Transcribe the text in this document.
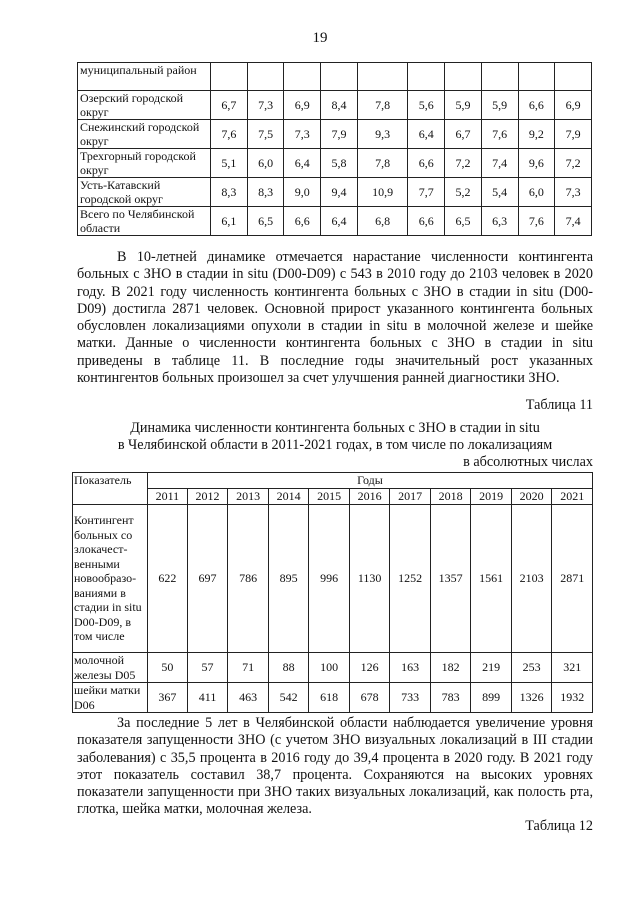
19
муниципальный район										
Озерский городской округ	6,7	7,3	6,9	8,4	7,8	5,6	5,9	5,9	6,6	6,9
Снежинский городской округ	7,6	7,5	7,3	7,9	9,3	6,4	6,7	7,6	9,2	7,9
Трехгорный городской округ	5,1	6,0	6,4	5,8	7,8	6,6	7,2	7,4	9,6	7,2
Усть-Катавский городской округ	8,3	8,3	9,0	9,4	10,9	7,7	5,2	5,4	6,0	7,3
Всего по Челябинской области	6,1	6,5	6,6	6,4	6,8	6,6	6,5	6,3	7,6	7,4
В 10-летней динамике отмечается нарастание численности контингента больных с ЗНО в стадии in situ (D00-D09) с 543 в 2010 году до 2103 человек в 2020 году. В 2021 году численность контингента больных с ЗНО в стадии in situ (D00-D09) достигла 2871 человек. Основной прирост указанного контингента больных обусловлен локализациями опухоли в стадии in situ в молочной железе и шейке матки. Данные о численности контингента больных с ЗНО в стадии in situ приведены в таблице 11. В последние годы значительный рост указанных контингентов больных произошел за счет улучшения ранней диагностики ЗНО.
Таблица 11
Динамика численности контингента больных с ЗНО в стадии in situ
в Челябинской области в 2011-2021 годах, в том числе по локализациям
в абсолютных числах
Показатель	Годы										
	2011	2012	2013	2014	2015	2016	2017	2018	2019	2020	2021
Контингент больных со злокачест-венными новообразо-ваниями в стадии in situ D00-D09, в том числе	622	697	786	895	996	1130	1252	1357	1561	2103	2871
молочной железы D05	50	57	71	88	100	126	163	182	219	253	321
шейки матки D06	367	411	463	542	618	678	733	783	899	1326	1932
За последние 5 лет в Челябинской области наблюдается увеличение уровня показателя запущенности ЗНО (с учетом ЗНО визуальных локализаций в III стадии заболевания) с 35,5 процента в 2016 году до 39,4 процента в 2020 году. В 2021 году этот показатель составил 38,7 процента. Сохраняются на высоких уровнях показатели запущенности при ЗНО таких визуальных локализаций, как полость рта, глотка, шейка матки, молочная железа.
Таблица 12
